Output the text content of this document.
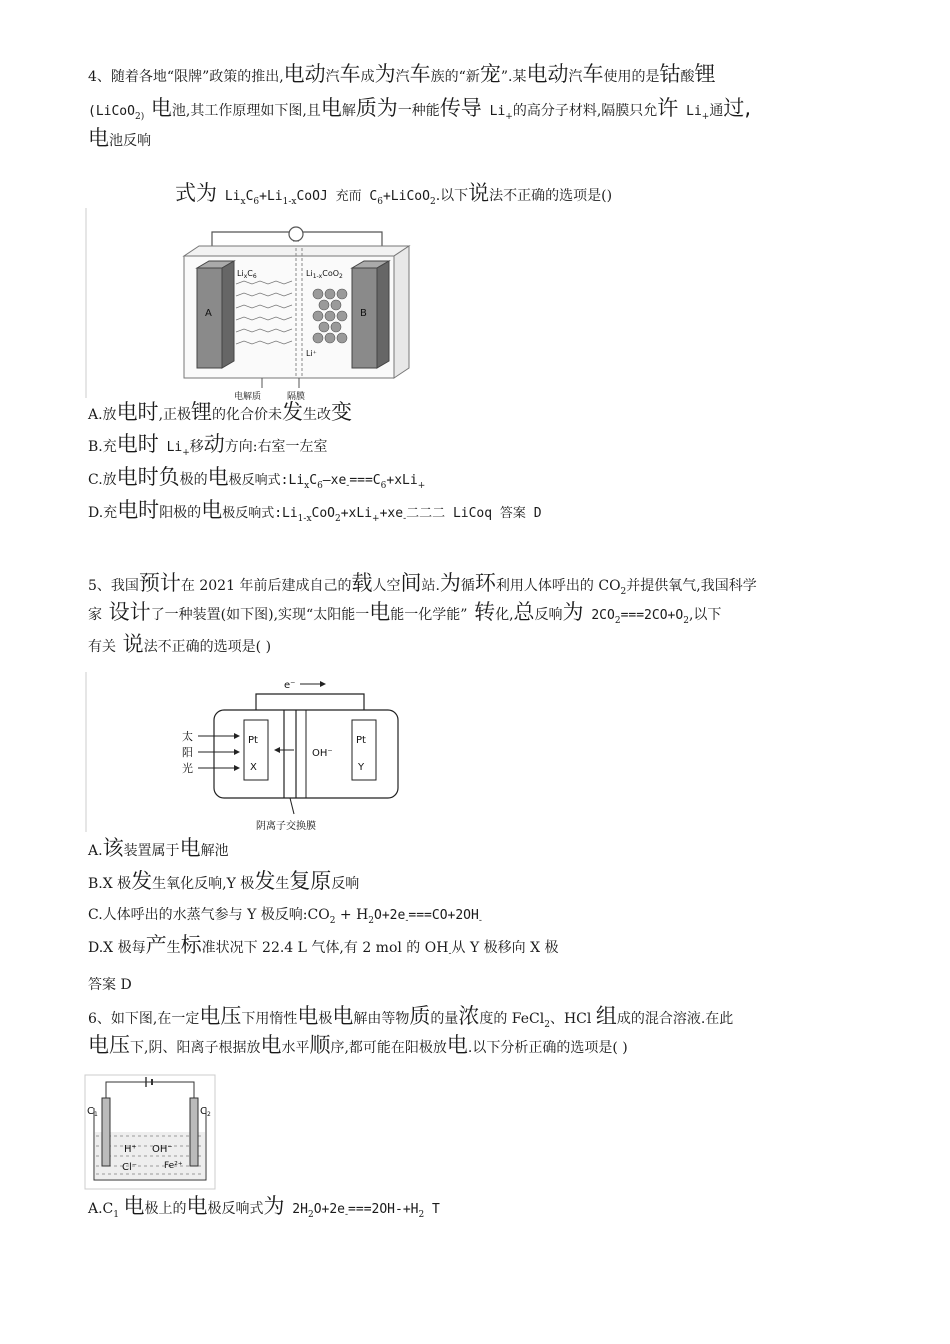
4、随着各地“限牌”政策的推出,电动汽车成为汽车族的“新宠”.某电动汽车使用的是钴酸锂
(LiCoO$_{2)}$ 电池,其工作原理如下图,且电解质为一种能传导 $Li_+$的高分子材料,隔膜只允许 $Li_+$通过,
电池反响
式为 $Li_xC_6+Li_{1-x}CoOJ$ 充而 $C_6+LiCoO_2$.以下说法不正确的选项是()
A	B
$Li_xC_6$	$Li_{1-x}CoO_2$
Li⁺
电解质	隔膜
A.放电时,正极锂的化合价未发生改变
B.充电时 $Li_+$移动方向:右室一左室
C.放电时负极的电极反响式$:Li_xC_6—xe_-===C_6+xLi_+$
D.充电时阳极的电极反响式$:Li_{1-x}CoO_2+xLi_++xe_-$二二二 LiCoq 答案 D
5、我国预计在 2021 年前后建成自己的载人空间站.为循环利用人体呼出的 $CO_2$并提供氧气,我国科学
家 设计了一种装置(如下图),实现“太阳能一电能一化学能” 转化,总反响为 $2CO_2===2CO+O_2$,以下
有关 说法不正确的选项是( )
e⁻
Pt
X
Pt
Y
OH⁻
太
阳
光
阴离子交换膜
A.该装置属于电解池
B.X 极发生氧化反响,Y 极发生复原反响
C.人体呼出的水蒸气参与 Y 极反响$:CO_2 + H_2O+2e_-===CO+2OH_-$
D.X 极每产生标准状况下 22.4 L 气体,有 2 mol 的 $OH_-$从 Y 极移向 X 极
答案 D
6、如下图,在一定电压下用惰性电极电解由等物质的量浓度的 FeCl$_2$、HCl 组成的混合溶液.在此
电压下,阴、阳离子根据放电水平顺序,都可能在阳极放电.以下分析正确的选项是( )
$C_1$	$C_2$
H⁺ OH⁻
Cl⁻	Fe²⁺
$A.C_1$ 电极上的电极反响式为 $2H_2O+2e_-===2OH-+H_2$ T
